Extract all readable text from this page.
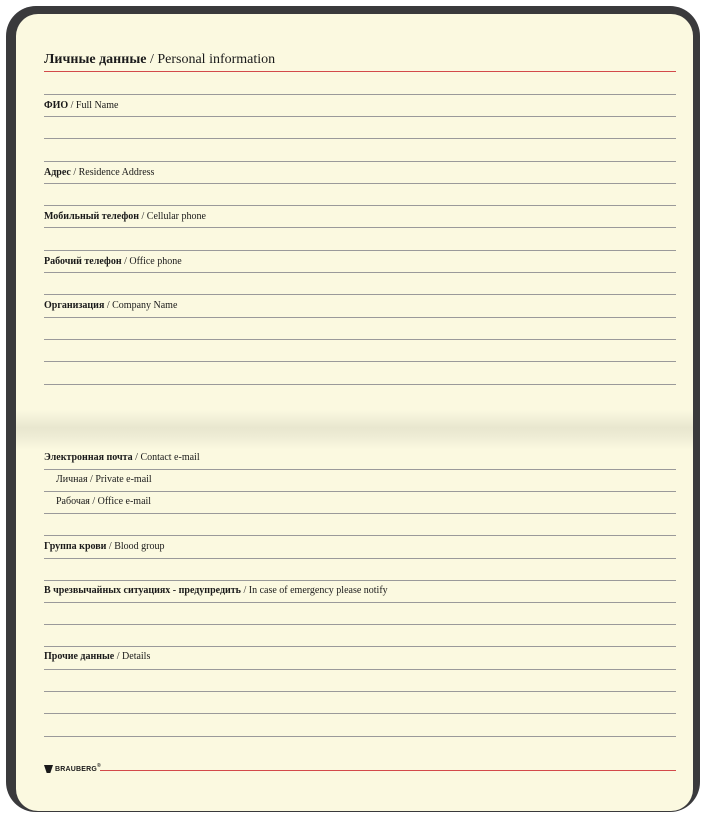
Личные данные / Personal information
ФИО / Full Name
Адрес / Residence Address
Мобильный телефон / Cellular phone
Рабочий телефон / Office phone
Организация / Company Name
Электронная почта / Contact e-mail
Личная / Private e-mail
Рабочая / Office e-mail
Группа крови / Blood group
В чрезвычайных ситуациях - предупредить / In case of emergency please notify
Прочие данные / Details
BRAUBERG ®
